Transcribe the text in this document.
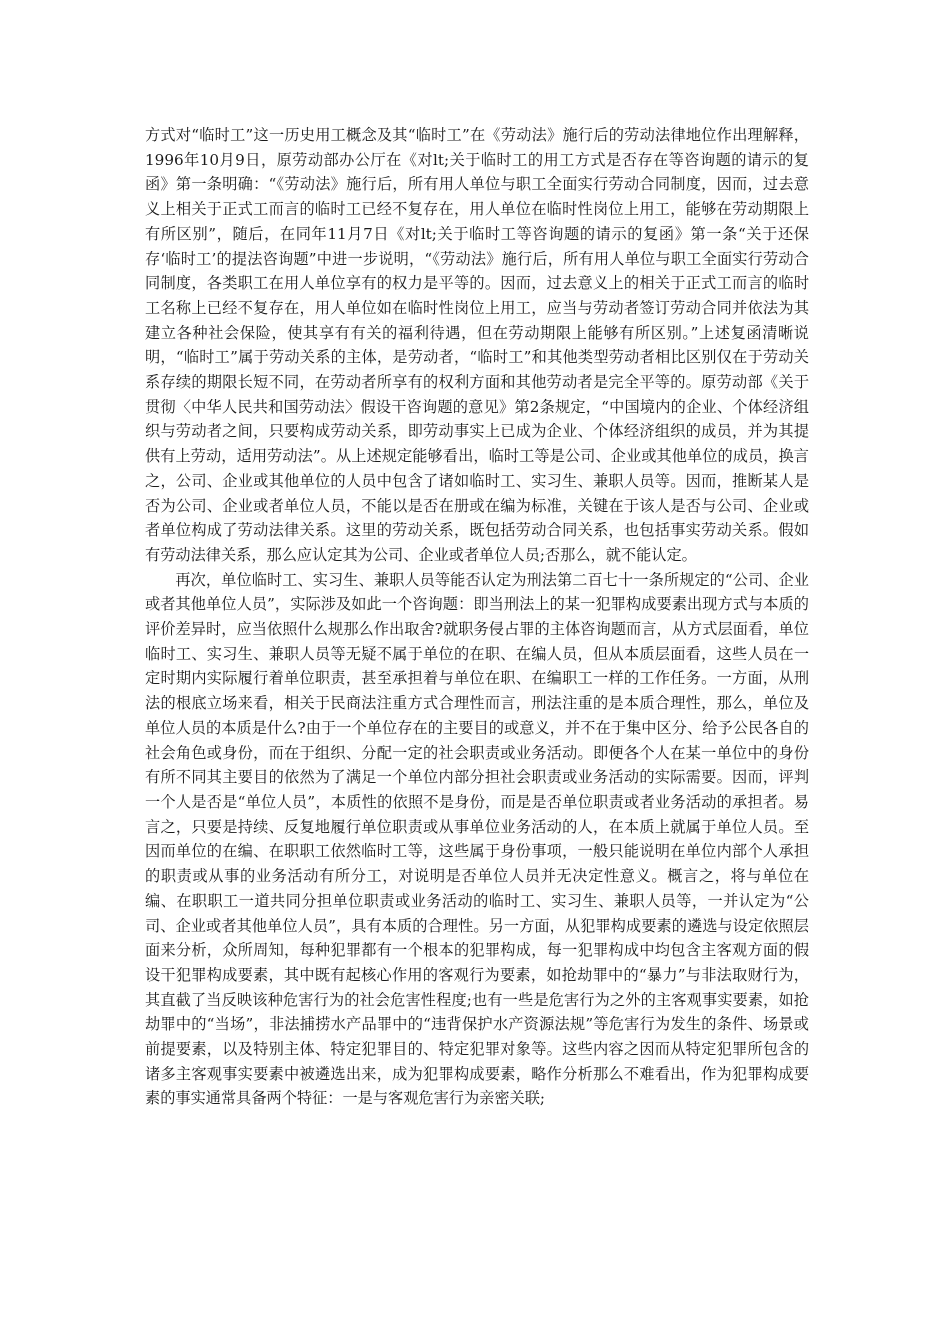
方式对“临时工”这一历史用工概念及其“临时工”在《劳动法》施行后的劳动法律地位作出理解释，1996年10月9日，原劳动部办公厅在《对lt;关于临时工的用工方式是否存在等咨询题的请示的复函》第一条明确：“《劳动法》施行后，所有用人单位与职工全面实行劳动合同制度，因而，过去意义上相关于正式工而言的临时工已经不复存在，用人单位在临时性岗位上用工，能够在劳动期限上有所区别”，随后，在同年11月7日《对lt;关于临时工等咨询题的请示的复函》第一条“关于还保存‘临时工’的提法咨询题”中进一步说明，“《劳动法》施行后，所有用人单位与职工全面实行劳动合同制度，各类职工在用人单位享有的权力是平等的。因而，过去意义上的相关于正式工而言的临时工名称上已经不复存在，用人单位如在临时性岗位上用工，应当与劳动者签订劳动合同并依法为其建立各种社会保险，使其享有有关的福利待遇，但在劳动期限上能够有所区别。”上述复函清晰说明，“临时工”属于劳动关系的主体，是劳动者，“临时工”和其他类型劳动者相比区别仅在于劳动关系存续的期限长短不同，在劳动者所享有的权利方面和其他劳动者是完全平等的。原劳动部《关于贯彻〈中华人民共和国劳动法〉假设干咨询题的意见》第2条规定，“中国境内的企业、个体经济组织与劳动者之间，只要构成劳动关系，即劳动事实上已成为企业、个体经济组织的成员，并为其提供有上劳动，适用劳动法”。从上述规定能够看出，临时工等是公司、企业或其他单位的成员，换言之，公司、企业或其他单位的人员中包含了诸如临时工、实习生、兼职人员等。因而，推断某人是否为公司、企业或者单位人员，不能以是否在册或在编为标准，关键在于该人是否与公司、企业或者单位构成了劳动法律关系。这里的劳动关系，既包括劳动合同关系，也包括事实劳动关系。假如有劳动法律关系，那么应认定其为公司、企业或者单位人员;否那么，就不能认定。

再次，单位临时工、实习生、兼职人员等能否认定为刑法第二百七十一条所规定的“公司、企业或者其他单位人员”，实际涉及如此一个咨询题：即当刑法上的某一犯罪构成要素出现方式与本质的评价差异时，应当依照什么规那么作出取舍?就职务侵占罪的主体咨询题而言，从方式层面看，单位临时工、实习生、兼职人员等无疑不属于单位的在职、在编人员，但从本质层面看，这些人员在一定时期内实际履行着单位职责，甚至承担着与单位在职、在编职工一样的工作任务。一方面，从刑法的根底立场来看，相关于民商法注重方式合理性而言，刑法注重的是本质合理性，那么，单位及单位人员的本质是什么?由于一个单位存在的主要目的或意义，并不在于集中区分、给予公民各自的社会角色或身份，而在于组织、分配一定的社会职责或业务活动。即便各个人在某一单位中的身份有所不同其主要目的依然为了满足一个单位内部分担社会职责或业务活动的实际需要。因而，评判一个人是否是“单位人员”，本质性的依照不是身份，而是是否单位职责或者业务活动的承担者。易言之，只要是持续、反复地履行单位职责或从事单位业务活动的人，在本质上就属于单位人员。至因而单位的在编、在职职工依然临时工等，这些属于身份事项，一般只能说明在单位内部个人承担的职责或从事的业务活动有所分工，对说明是否单位人员并无决定性意义。概言之，将与单位在编、在职职工一道共同分担单位职责或业务活动的临时工、实习生、兼职人员等，一并认定为“公司、企业或者其他单位人员”，具有本质的合理性。另一方面，从犯罪构成要素的遴选与设定依照层面来分析，众所周知，每种犯罪都有一个根本的犯罪构成，每一犯罪构成中均包含主客观方面的假设干犯罪构成要素，其中既有起核心作用的客观行为要素，如抢劫罪中的“暴力”与非法取财行为，其直截了当反映该种危害行为的社会危害性程度;也有一些是危害行为之外的主客观事实要素，如抢劫罪中的“当场”，非法捕捞水产品罪中的“违背保护水产资源法规”等危害行为发生的条件、场景或前提要素，以及特别主体、特定犯罪目的、特定犯罪对象等。这些内容之因而从特定犯罪所包含的诸多主客观事实要素中被遴选出来，成为犯罪构成要素，略作分析那么不难看出，作为犯罪构成要素的事实通常具备两个特征：一是与客观危害行为亲密关联;
